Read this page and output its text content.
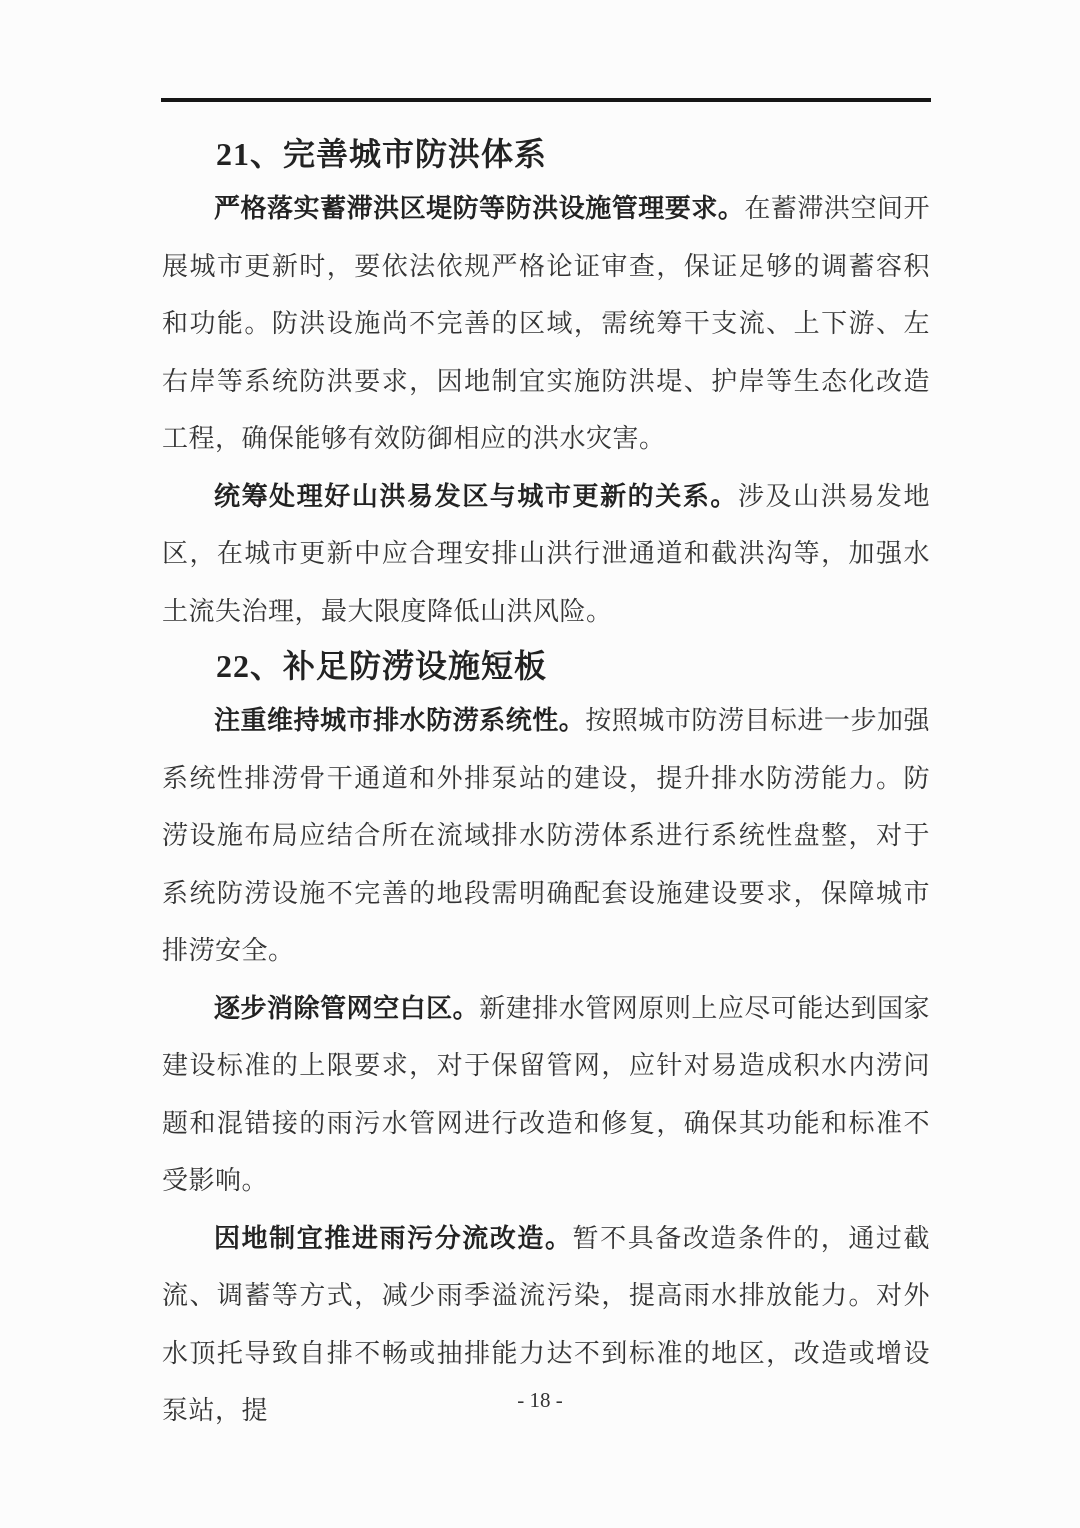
21、完善城市防洪体系

严格落实蓄滞洪区堤防等防洪设施管理要求。在蓄滞洪空间开展城市更新时，要依法依规严格论证审查，保证足够的调蓄容积和功能。防洪设施尚不完善的区域，需统筹干支流、上下游、左右岸等系统防洪要求，因地制宜实施防洪堤、护岸等生态化改造工程，确保能够有效防御相应的洪水灾害。

统筹处理好山洪易发区与城市更新的关系。涉及山洪易发地区，在城市更新中应合理安排山洪行泄通道和截洪沟等，加强水土流失治理，最大限度降低山洪风险。

22、补足防涝设施短板

注重维持城市排水防涝系统性。按照城市防涝目标进一步加强系统性排涝骨干通道和外排泵站的建设，提升排水防涝能力。防涝设施布局应结合所在流域排水防涝体系进行系统性盘整，对于系统防涝设施不完善的地段需明确配套设施建设要求，保障城市排涝安全。

逐步消除管网空白区。新建排水管网原则上应尽可能达到国家建设标准的上限要求，对于保留管网，应针对易造成积水内涝问题和混错接的雨污水管网进行改造和修复，确保其功能和标准不受影响。

因地制宜推进雨污分流改造。暂不具备改造条件的，通过截流、调蓄等方式，减少雨季溢流污染，提高雨水排放能力。对外水顶托导致自排不畅或抽排能力达不到标准的地区，改造或增设泵站，提	- 18 -
